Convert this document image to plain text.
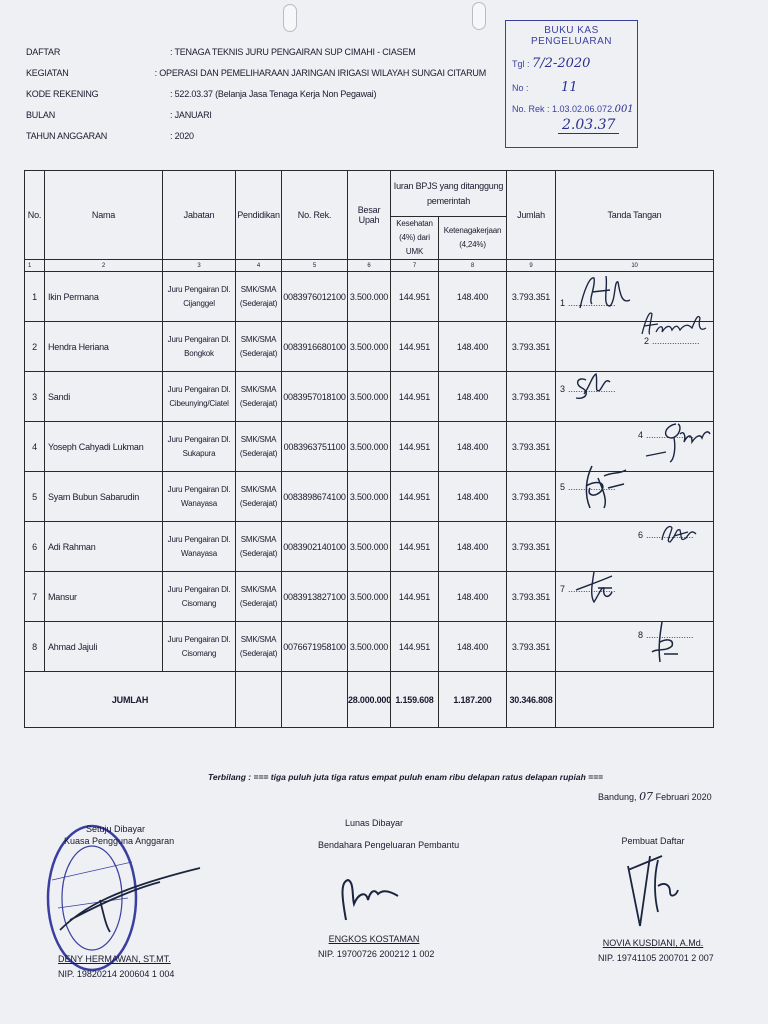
DAFTAR	: TENAGA TEKNIS JURU PENGAIRAN SUP CIMAHI - CIASEM
KEGIATAN	: OPERASI DAN PEMELIHARAAN JARINGAN IRIGASI WILAYAH SUNGAI CITARUM
KODE REKENING	: 522.03.37 (Belanja Jasa Tenaga Kerja Non Pegawai)
BULAN	: JANUARI
TAHUN ANGGARAN	: 2020
BUKU KAS PENGELUARAN
Tgl : 7/2-2020
No :	11
No. Rek : 1.03.02.06.072.001
2.03.37
No.	Nama	Jabatan	Pendidikan	No. Rek.	Besar Upah	Iuran BPJS yang ditanggung pemerintah		Jumlah	Tanda Tangan
						Kesehatan (4%) dari UMK	Ketenagakerjaan (4,24%)		
1	2	3	4	5	6	7	8	9	10
1	Ikin Permana	Juru Pengairan Dl. Cijanggel	SMK/SMA (Sederajat)	0083976012100	3.500.000	144.951	148.400	3.793.351	1 ...................

2	Hendra Heriana	Juru Pengairan Dl. Bongkok	SMK/SMA (Sederajat)	0083916680100	3.500.000	144.951	148.400	3.793.351	2 ...................

3	Sandi	Juru Pengairan Dl. Cibeunying/Ciatel	SMK/SMA (Sederajat)	0083957018100	3.500.000	144.951	148.400	3.793.351	3 ...................

4	Yoseph Cahyadi Lukman	Juru Pengairan Dl. Sukapura	SMK/SMA (Sederajat)	0083963751100	3.500.000	144.951	148.400	3.793.351	4 ...................

5	Syam Bubun Sabarudin	Juru Pengairan Dl. Wanayasa	SMK/SMA (Sederajat)	0083898674100	3.500.000	144.951	148.400	3.793.351	5 ...................

6	Adi Rahman	Juru Pengairan Dl. Wanayasa	SMK/SMA (Sederajat)	0083902140100	3.500.000	144.951	148.400	3.793.351	6 ...................

7	Mansur	Juru Pengairan Dl. Cisomang	SMK/SMA (Sederajat)	0083913827100	3.500.000	144.951	148.400	3.793.351	7 ...................

8	Ahmad Jajuli	Juru Pengairan Dl. Cisomang	SMK/SMA (Sederajat)	0076671958100	3.500.000	144.951	148.400	3.793.351	8 ...................

JUMLAH					28.000.000	1.159.608	1.187.200	30.346.808	
Terbilang : === tiga puluh juta tiga ratus empat puluh enam ribu delapan ratus delapan rupiah ===
Bandung, 07 Februari 2020
Setuju Dibayar
Kuasa Pengguna Anggaran
DENY HERMAWAN, ST.MT.
NIP. 19820214 200604 1 004
Lunas Dibayar
Bendahara Pengeluaran Pembantu
ENGKOS KOSTAMAN
NIP. 19700726 200212 1 002
Pembuat Daftar
NOVIA KUSDIANI, A.Md.
NIP. 19741105 200701 2 007
